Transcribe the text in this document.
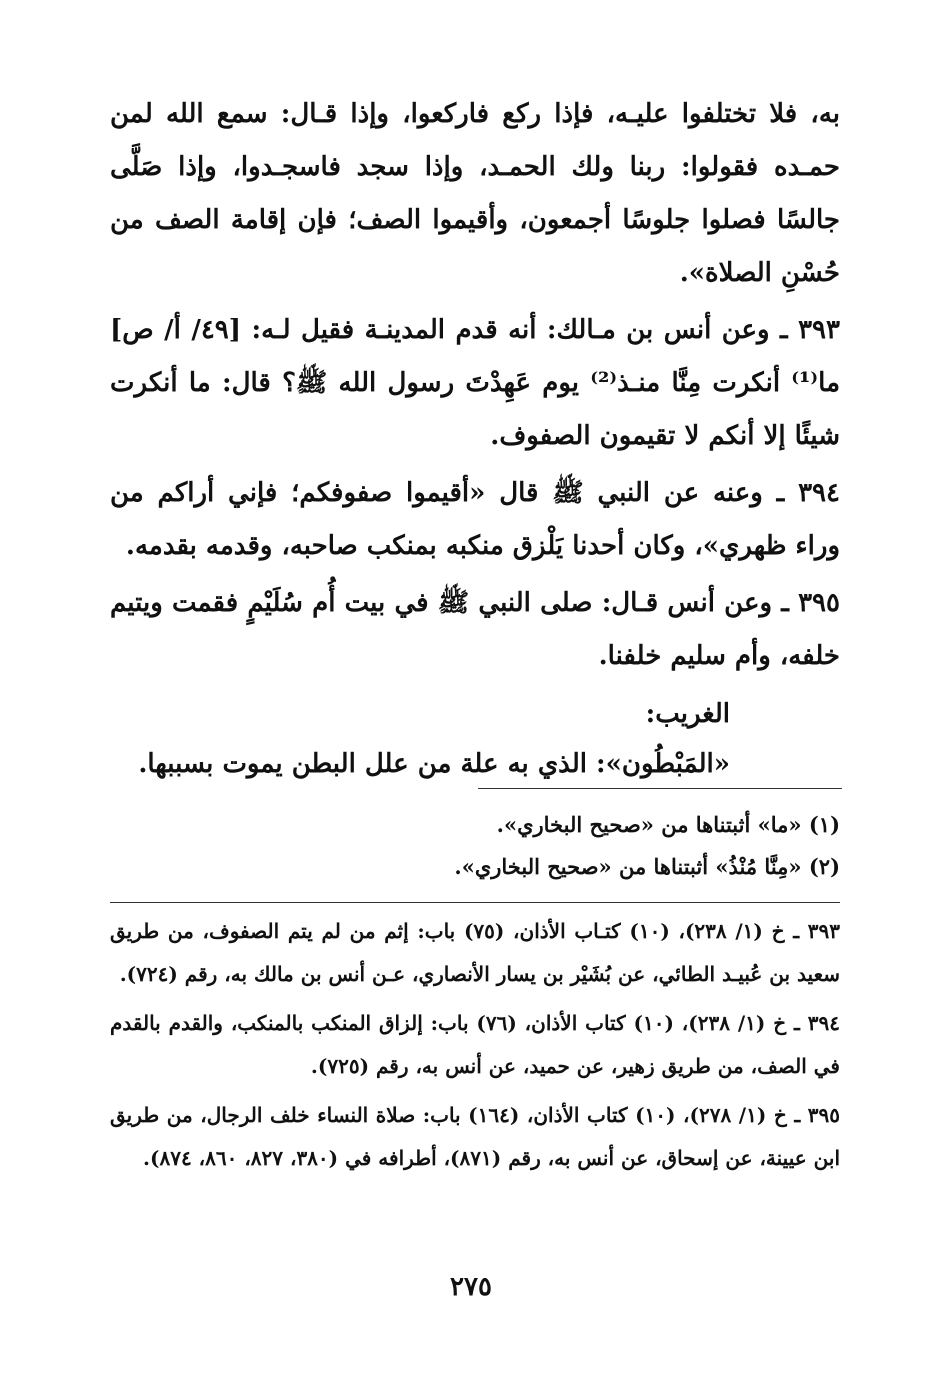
به، فلا تختلفوا عليـه، فإذا ركع فاركعوا، وإذا قـال: سمع الله لمن حمـده فقولوا: ربنا ولك الحمـد، وإذا سجد فاسجـدوا، وإذا صَلَّى جالسًا فصلوا جلوسًا أجمعون، وأقيموا الصف؛ فإن إقامة الصف من حُسْنِ الصلاة».

٣٩٣ ـ وعن أنس بن مـالك: أنه قدم المدينـة فقيل لـه: [٤٩/ أ/ ص] ما⁽¹⁾ أنكرت مِنَّا منـذ⁽²⁾ يوم عَهِدْتَ رسول الله ﷺ؟ قال: ما أنكرت شيئًا إلا أنكم لا تقيمون الصفوف.

٣٩٤ ـ وعنه عن النبي ﷺ قال «أقيموا صفوفكم؛ فإني أراكم من وراء ظهري»، وكان أحدنا يَلْزق منكبه بمنكب صاحبه، وقدمه بقدمه.

٣٩٥ ـ وعن أنس قـال: صلى النبي ﷺ في بيت أُم سُلَيْمٍ فقمت ويتيم خلفه، وأم سليم خلفنا.

الغريب:
«المَبْطُون»: الذي به علة من علل البطن يموت بسببها.

(١) «ما» أثبتناها من «صحيح البخاري».

(٢) «مِنَّا مُنْذُ» أثبتناها من «صحيح البخاري».

٣٩٣ ـ خ (١/ ٢٣٨)، (١٠) كتـاب الأذان، (٧٥) باب: إثم من لم يتم الصفوف، من طريق سعيد بن عُبيـد الطائي، عن بُشَيْر بن يسار الأنصاري، عـن أنس بن مالك به، رقم (٧٢٤).

٣٩٤ ـ خ (١/ ٢٣٨)، (١٠) كتاب الأذان، (٧٦) باب: إلزاق المنكب بالمنكب، والقدم بالقدم في الصف، من طريق زهير، عن حميد، عن أنس به، رقم (٧٢٥).

٣٩٥ ـ خ (١/ ٢٧٨)، (١٠) كتاب الأذان، (١٦٤) باب: صلاة النساء خلف الرجال، من طريق ابن عيينة، عن إسحاق، عن أنس به، رقم (٨٧١)، أطرافه في (٣٨٠، ٨٢٧، ٨٦٠، ٨٧٤).

٢٧٥
